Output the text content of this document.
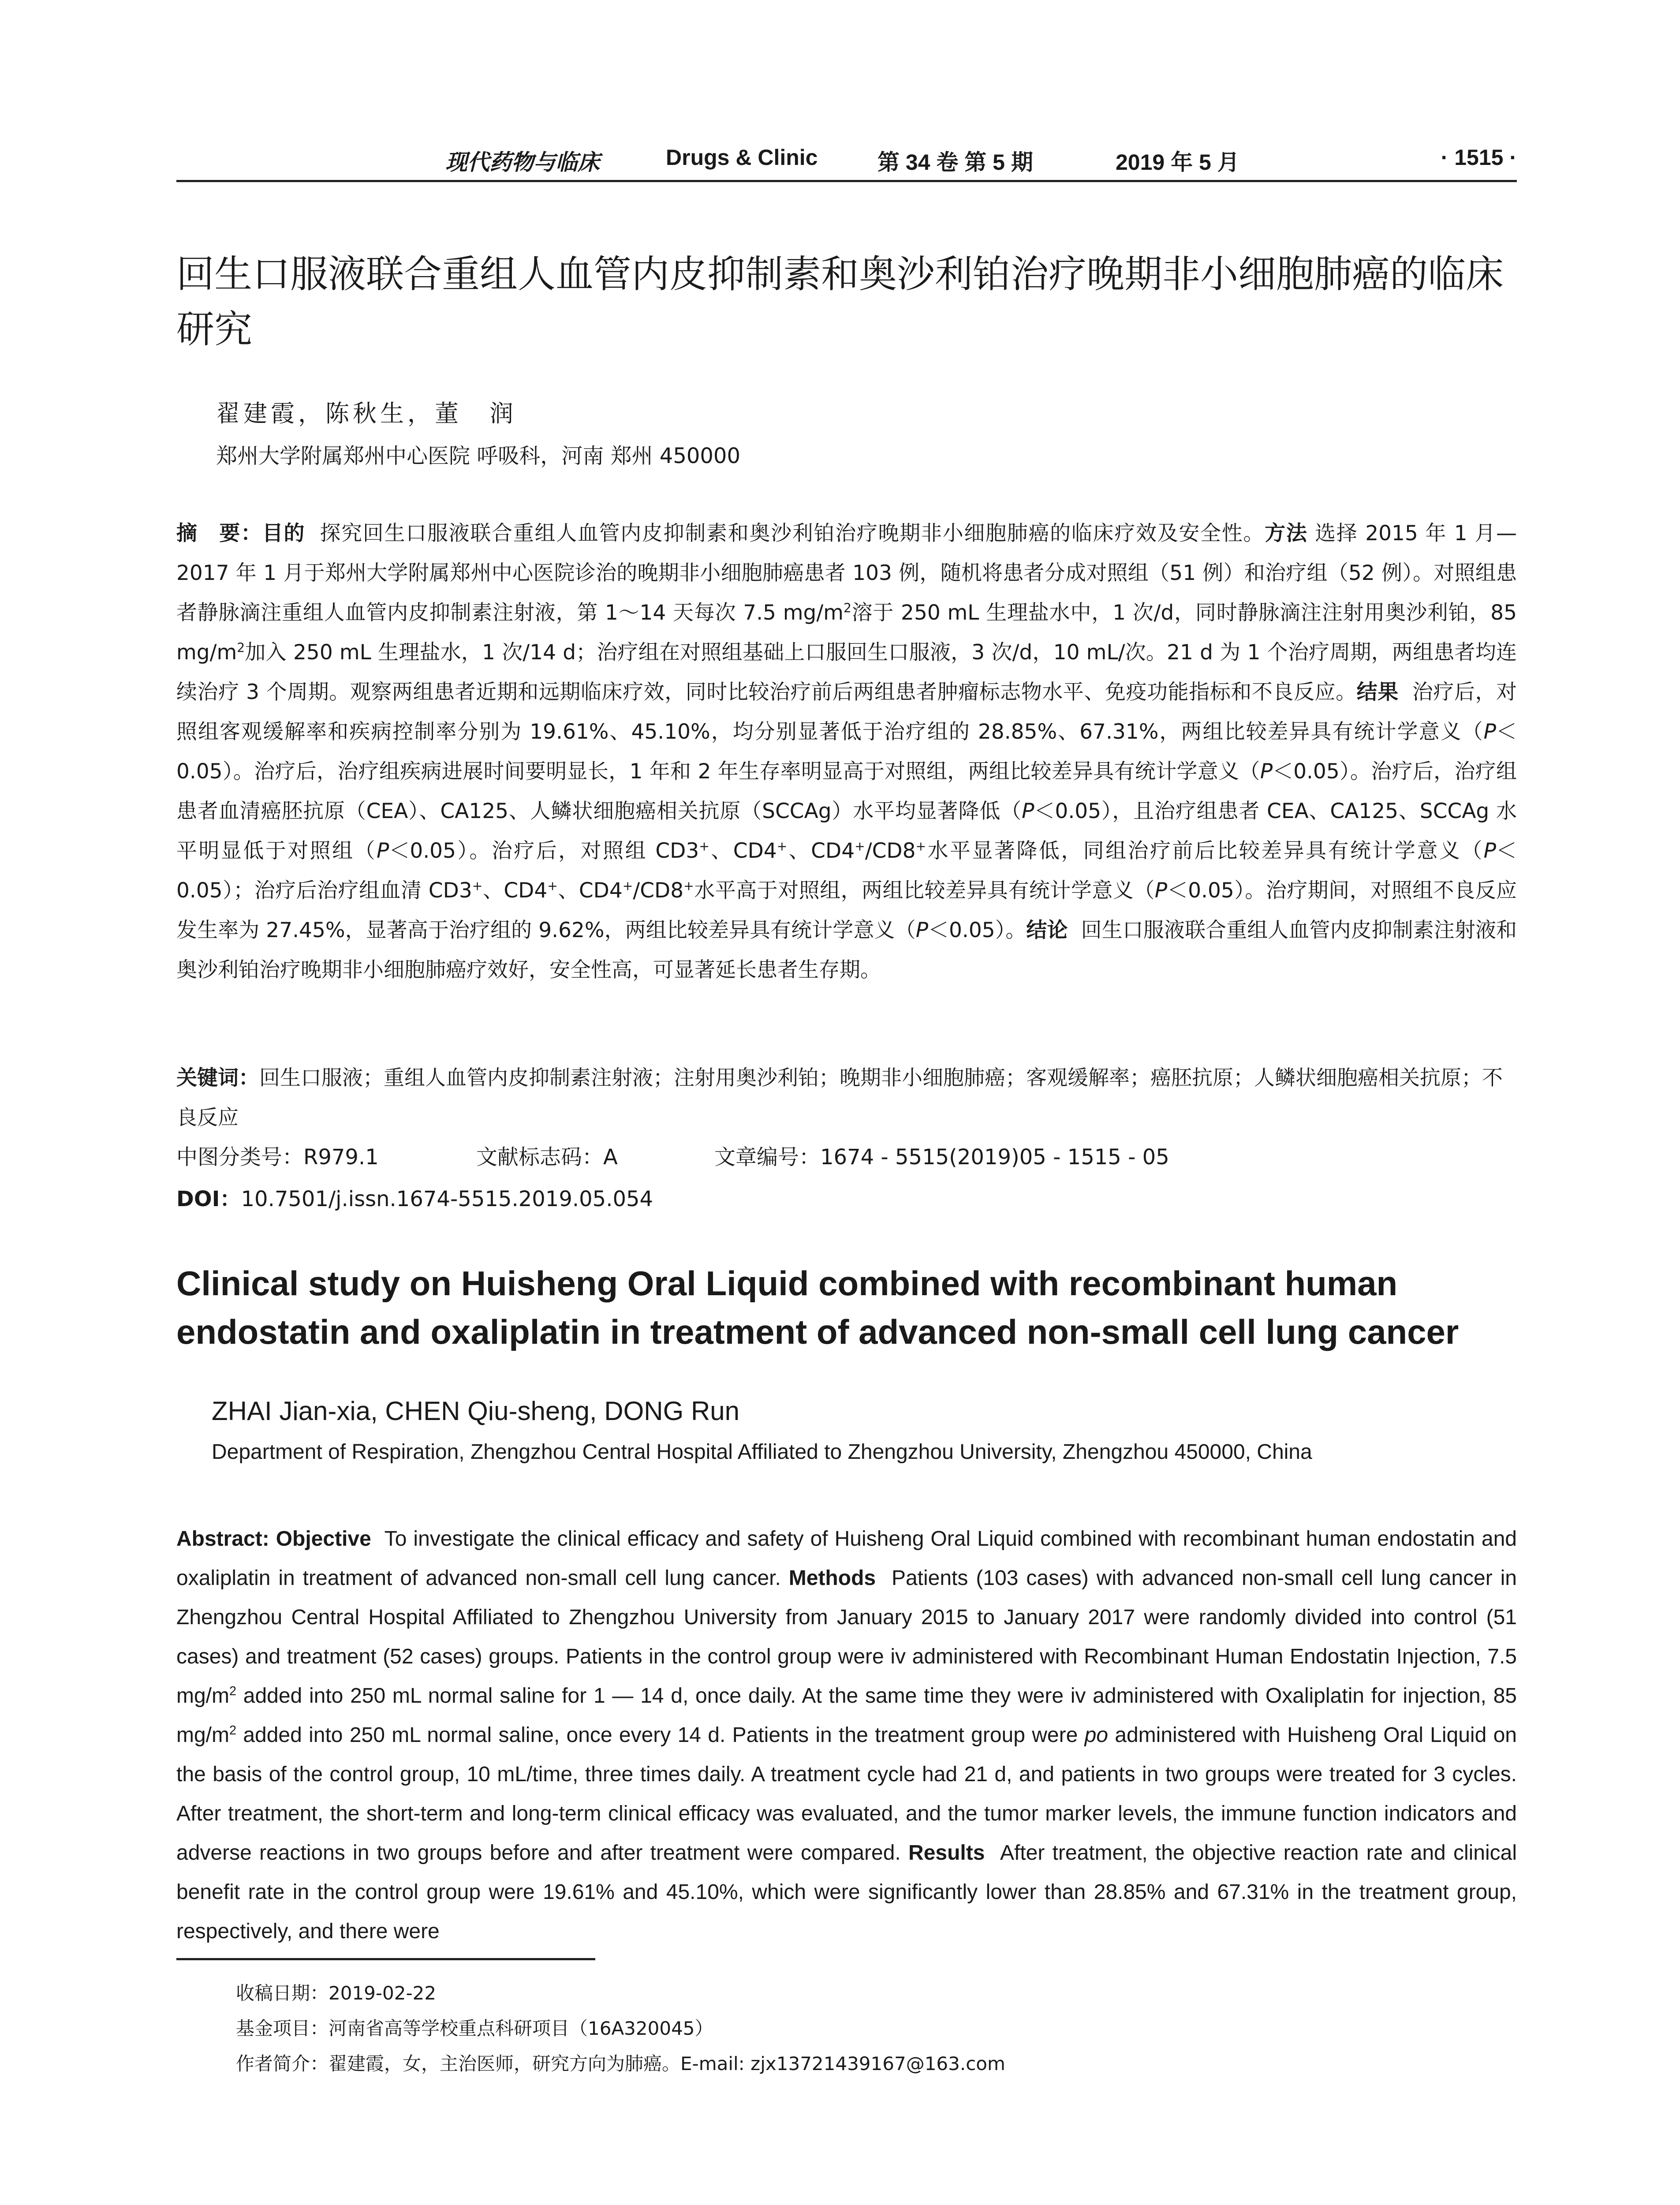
现代药物与临床	Drugs & Clinic	第 34 卷 第 5 期	2019 年 5 月	· 1515 ·
回生口服液联合重组人血管内皮抑制素和奥沙利铂治疗晚期非小细胞肺癌的临床研究
翟建霞，陈秋生，董　润
郑州大学附属郑州中心医院 呼吸科，河南 郑州 450000
摘　要：目的 探究回生口服液联合重组人血管内皮抑制素和奥沙利铂治疗晚期非小细胞肺癌的临床疗效及安全性。方法 选择 2015 年 1 月—2017 年 1 月于郑州大学附属郑州中心医院诊治的晚期非小细胞肺癌患者 103 例，随机将患者分成对照组（51 例）和治疗组（52 例）。对照组患者静脉滴注重组人血管内皮抑制素注射液，第 1～14 天每次 7.5 $mg/m^2$溶于 250 mL 生理盐水中，1 次/d，同时静脉滴注注射用奥沙利铂，85 $mg/m^2$加入 250 mL 生理盐水，1 次/14 d；治疗组在对照组基础上口服回生口服液，3 次/d，10 mL/次。21 d 为 1 个治疗周期，两组患者均连续治疗 3 个周期。观察两组患者近期和远期临床疗效，同时比较治疗前后两组患者肿瘤标志物水平、免疫功能指标和不良反应。结果 治疗后，对照组客观缓解率和疾病控制率分别为 19.61%、45.10%，均分别显著低于治疗组的 28.85%、67.31%，两组比较差异具有统计学意义（P＜0.05）。治疗后，治疗组疾病进展时间要明显长，1 年和 2 年生存率明显高于对照组，两组比较差异具有统计学意义（P＜0.05）。治疗后，治疗组患者血清癌胚抗原（CEA）、CA125、人鳞状细胞癌相关抗原（SCCAg）水平均显著降低（P＜0.05），且治疗组患者 CEA、CA125、SCCAg 水平明显低于对照组（P＜0.05）。治疗后，对照组 CD3+、CD4+、CD4+/CD8+水平显著降低，同组治疗前后比较差异具有统计学意义（P＜0.05）；治疗后治疗组血清 CD3+、CD4+、CD4+/CD8+水平高于对照组，两组比较差异具有统计学意义（P＜0.05）。治疗期间，对照组不良反应发生率为 27.45%，显著高于治疗组的 9.62%，两组比较差异具有统计学意义（P＜0.05）。结论 回生口服液联合重组人血管内皮抑制素注射液和奥沙利铂治疗晚期非小细胞肺癌疗效好，安全性高，可显著延长患者生存期。
关键词：回生口服液；重组人血管内皮抑制素注射液；注射用奥沙利铂；晚期非小细胞肺癌；客观缓解率；癌胚抗原；人鳞状细胞癌相关抗原；不良反应
中图分类号：R979.1	文献标志码：A	文章编号：1674 - 5515(2019)05 - 1515 - 05
DOI：10.7501/j.issn.1674-5515.2019.05.054
Clinical study on Huisheng Oral Liquid combined with recombinant human endostatin and oxaliplatin in treatment of advanced non-small cell lung cancer
ZHAI Jian-xia, CHEN Qiu-sheng, DONG Run
Department of Respiration, Zhengzhou Central Hospital Affiliated to Zhengzhou University, Zhengzhou 450000, China
Abstract: Objective To investigate the clinical efficacy and safety of Huisheng Oral Liquid combined with recombinant human endostatin and oxaliplatin in treatment of advanced non-small cell lung cancer. Methods Patients (103 cases) with advanced non-small cell lung cancer in Zhengzhou Central Hospital Affiliated to Zhengzhou University from January 2015 to January 2017 were randomly divided into control (51 cases) and treatment (52 cases) groups. Patients in the control group were iv administered with Recombinant Human Endostatin Injection, 7.5 $mg/m^2$ added into 250 mL normal saline for 1 — 14 d, once daily. At the same time they were iv administered with Oxaliplatin for injection, 85 $mg/m^2$ added into 250 mL normal saline, once every 14 d. Patients in the treatment group were po administered with Huisheng Oral Liquid on the basis of the control group, 10 mL/time, three times daily. A treatment cycle had 21 d, and patients in two groups were treated for 3 cycles. After treatment, the short-term and long-term clinical efficacy was evaluated, and the tumor marker levels, the immune function indicators and adverse reactions in two groups before and after treatment were compared. Results After treatment, the objective reaction rate and clinical benefit rate in the control group were 19.61% and 45.10%, which were significantly lower than 28.85% and 67.31% in the treatment group, respectively, and there were
收稿日期：2019-02-22
基金项目：河南省高等学校重点科研项目（16A320045）
作者简介：翟建霞，女，主治医师，研究方向为肺癌。E-mail: zjx13721439167@163.com
